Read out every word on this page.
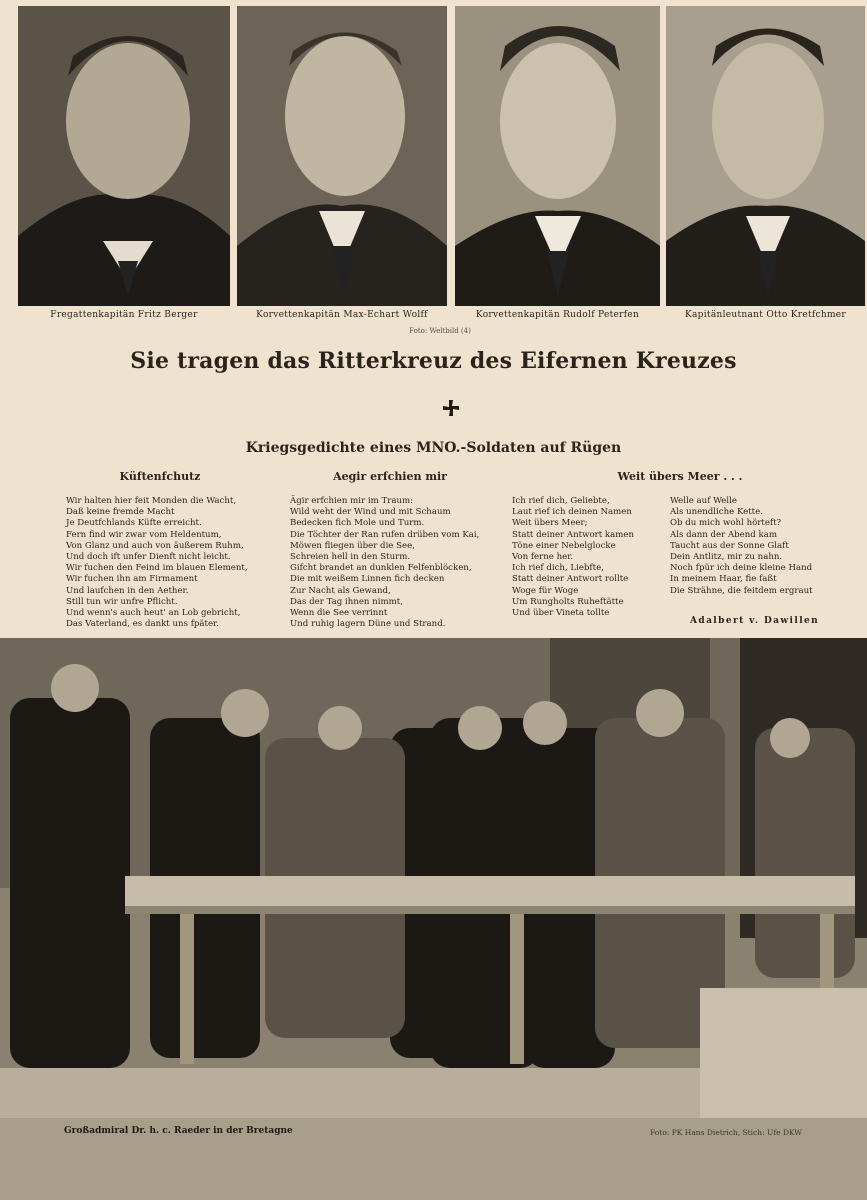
Fregattenkapitän Fritz Berger	Korvettenkapitän Max-Echart Wolff	Korvettenkapitän Rudolf Peterfen	Kapitänleutnant Otto Kretfchmer
Foto: Weltbild (4)
Sie tragen das Ritterkreuz des Eifernen Kreuzes
Kriegsgedichte eines MNO.-Soldaten auf Rügen
Küftenfchutz
Wir halten hier feit Monden die Wacht,
Daß keine fremde Macht
Je Deutfchlands Küfte erreicht.
Fern find wir zwar vom Heldentum,
Von Glanz und auch von äußerem Ruhm,
Und doch ift unfer Dienft nicht leicht.
Wir fuchen den Feind im blauen Element,
Wir fuchen ihn am Firmament
Und laufchen in den Aether.
Still tun wir unfre Pflicht.
Und wenn's auch heut' an Lob gebricht,
Das Vaterland, es dankt uns fpäter.
Aegir erfchien mir
Ägir erfchien mir im Traum:
Wild weht der Wind und mit Schaum
Bedecken fich Mole und Turm.
Die Töchter der Ran rufen drüben vom Kai,
Möwen fliegen über die See,
Schreien hell in den Sturm.
Gifcht brandet an dunklen Felfenblöcken,
Die mit weißem Linnen fich decken
Zur Nacht als Gewand,
Das der Tag ihnen nimmt,
Wenn die See verrinnt
Und ruhig lagern Düne und Strand.
Weit übers Meer . . .
Ich rief dich, Geliebte,
Laut rief ich deinen Namen
Weit übers Meer;
Statt deiner Antwort kamen
Töne einer Nebelglocke
Von ferne her.
Ich rief dich, Liebfte,
Statt deiner Antwort rollte
Woge für Woge
Um Rungholts Ruheftätte
Und über Vineta tollte
Welle auf Welle
Als unendliche Kette.
Ob du mich wohl hörteft?
Als dann der Abend kam
Taucht aus der Sonne Glaft
Dein Antlitz, mir zu nahn.
Noch fpür ich deine kleine Hand
In meinem Haar, fie faßt
Die Strähne, die feitdem ergraut
Adalbert v. Dawillen
Großadmiral Dr. h. c. Raeder in der Bretagne	Foto: PK Hans Dietrich, Stich: Ufe DKW
